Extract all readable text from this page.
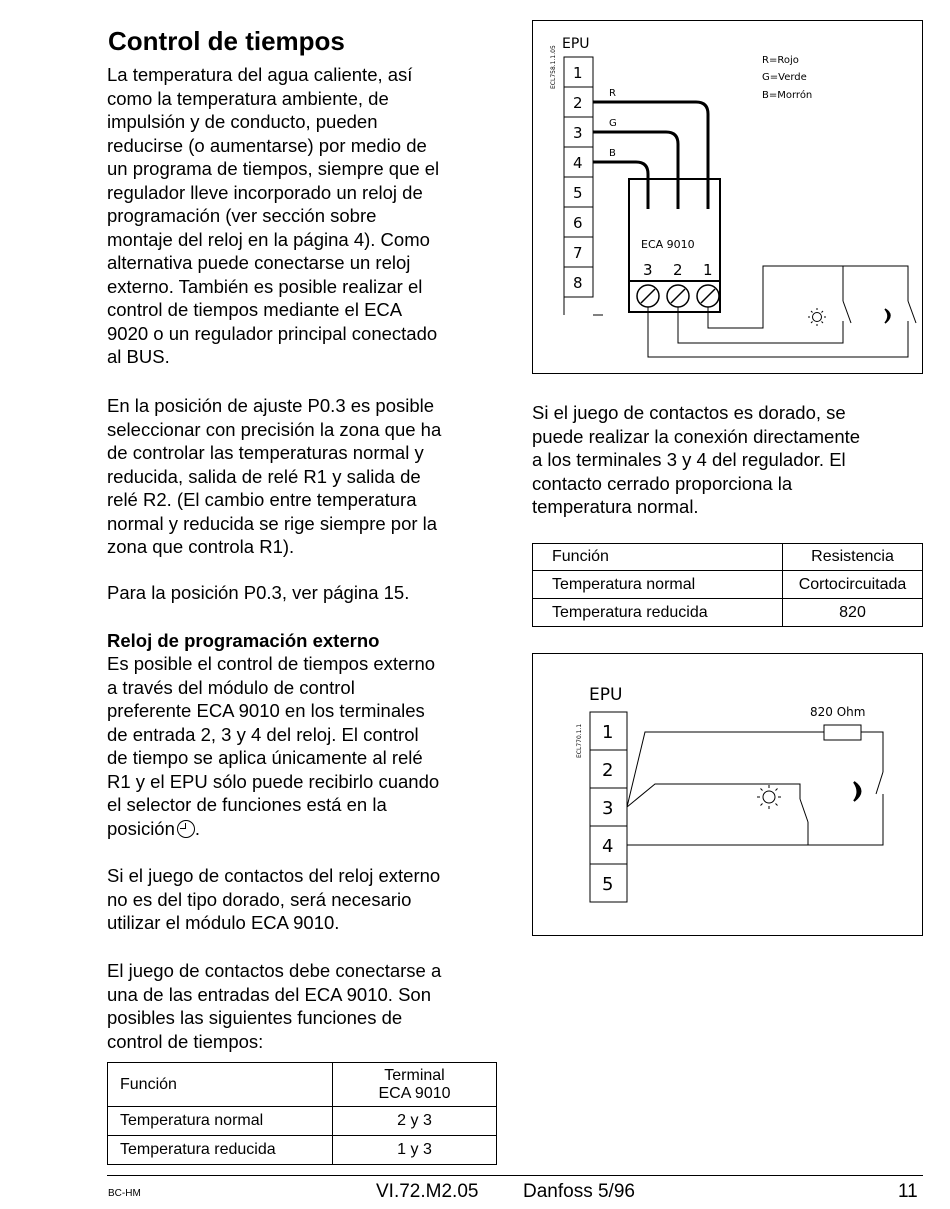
Control de tiempos

La temperatura del agua caliente, así
como la temperatura ambiente, de
impulsión y de conducto, pueden
reducirse (o aumentarse) por medio de
un programa de tiempos, siempre que el
regulador lleve incorporado un reloj de
programación (ver sección sobre
montaje del reloj en la página 4). Como
alternativa puede conectarse un reloj
externo. También es posible realizar el
control de tiempos mediante el ECA
9020 o un regulador principal conectado
al BUS.

En la posición de ajuste P0.3 es posible
seleccionar con precisión la zona que ha
de controlar las temperaturas normal y
reducida, salida de relé R1 y salida de
relé R2. (El cambio entre temperatura
normal y reducida se rige siempre por la
zona que controla R1).

Para la posición P0.3, ver página 15.

Reloj de programación externo

Es posible el control de tiempos externo
a través del módulo de control
preferente ECA 9010 en los terminales
de entrada 2, 3 y 4 del reloj. El control
de tiempo se aplica únicamente al relé
R1 y el EPU sólo puede recibirlo cuando
el selector de funciones está en la
posición .

Si el juego de contactos del reloj externo
no es del tipo dorado, será necesario
utilizar el módulo ECA 9010.

El juego de contactos debe conectarse a
una de las entradas del ECA 9010. Son
posibles las siguientes funciones de
control de tiempos:

Función	Terminal
ECA 9010
Temperatura normal	2 y 3
Temperatura reducida	1 y 3
EPU
ECL758.1.1.05 1
2
3
4
5
6
7
8
R
G
B
R=Rojo
G=Verde
B=Morrón
ECA 9010
3 2 1

Si el juego de contactos es dorado, se
puede realizar la conexión directamente
a los terminales 3 y 4 del regulador. El
contacto cerrado proporciona la
temperatura normal.

Función	Resistencia
Temperatura normal	Cortocircuitada
Temperatura reducida	820
EPU
ECL770.1.1 1
2
3
4
5
820 Ohm
BC-HM	VI.72.M2.05 Danfoss 5/96	11
